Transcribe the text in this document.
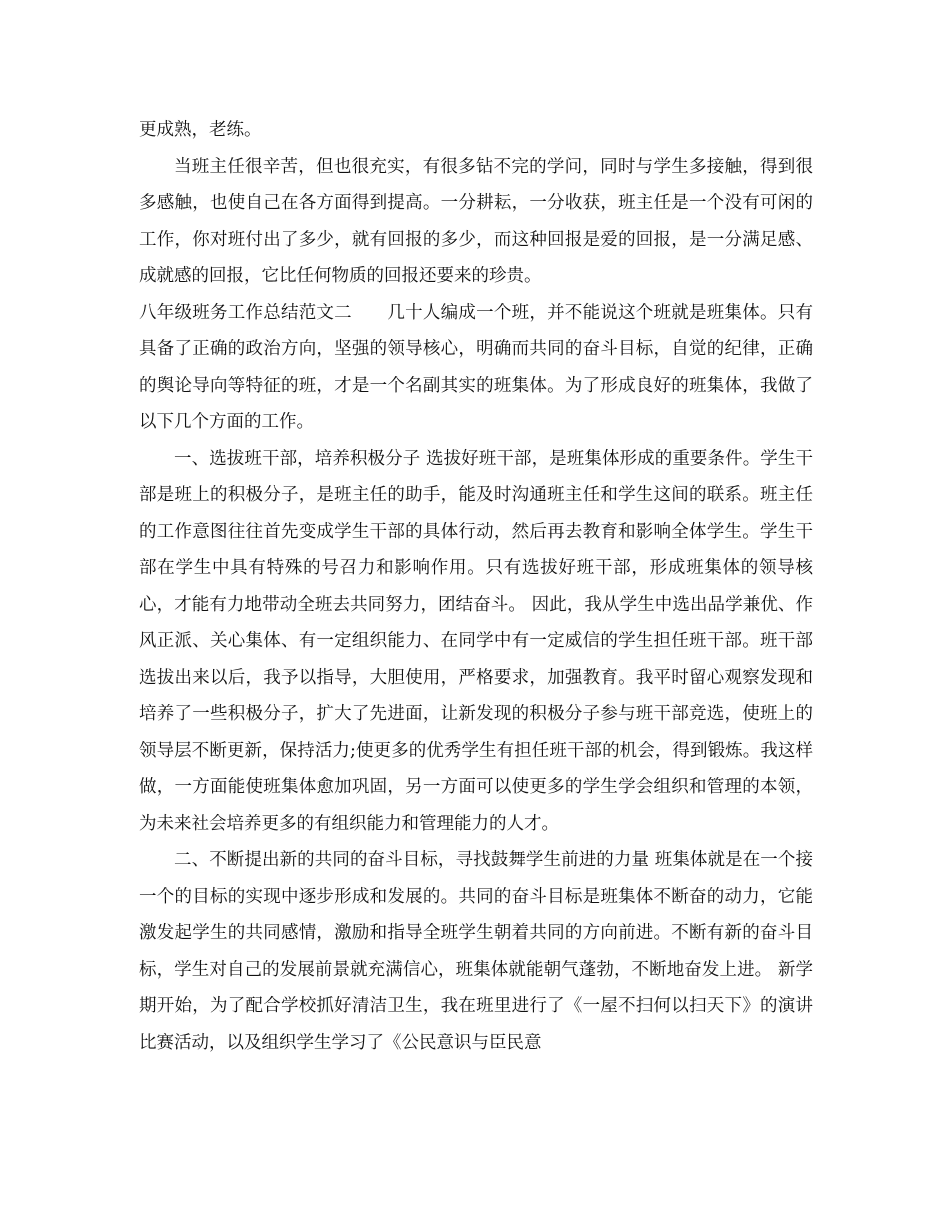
更成熟，老练。

当班主任很辛苦，但也很充实，有很多钻不完的学问，同时与学生多接触，得到很多感触，也使自己在各方面得到提高。一分耕耘，一分收获，班主任是一个没有可闲的工作，你对班付出了多少，就有回报的多少，而这种回报是爱的回报，是一分满足感、成就感的回报，它比任何物质的回报还要来的珍贵。

八年级班务工作总结范文二　　几十人编成一个班，并不能说这个班就是班集体。只有具备了正确的政治方向，坚强的领导核心，明确而共同的奋斗目标，自觉的纪律，正确的舆论导向等特征的班，才是一个名副其实的班集体。为了形成良好的班集体，我做了以下几个方面的工作。

一、选拔班干部，培养积极分子 选拔好班干部，是班集体形成的重要条件。学生干部是班上的积极分子，是班主任的助手，能及时沟通班主任和学生这间的联系。班主任的工作意图往往首先变成学生干部的具体行动，然后再去教育和影响全体学生。学生干部在学生中具有特殊的号召力和影响作用。只有选拔好班干部，形成班集体的领导核心，才能有力地带动全班去共同努力，团结奋斗。 因此，我从学生中选出品学兼优、作风正派、关心集体、有一定组织能力、在同学中有一定威信的学生担任班干部。班干部选拔出来以后，我予以指导，大胆使用，严格要求，加强教育。我平时留心观察发现和培养了一些积极分子，扩大了先进面，让新发现的积极分子参与班干部竞选，使班上的领导层不断更新，保持活力;使更多的优秀学生有担任班干部的机会，得到锻炼。我这样做，一方面能使班集体愈加巩固，另一方面可以使更多的学生学会组织和管理的本领，为未来社会培养更多的有组织能力和管理能力的人才。

二、不断提出新的共同的奋斗目标，寻找鼓舞学生前进的力量 班集体就是在一个接一个的目标的实现中逐步形成和发展的。共同的奋斗目标是班集体不断奋的动力，它能激发起学生的共同感情，激励和指导全班学生朝着共同的方向前进。不断有新的奋斗目标，学生对自己的发展前景就充满信心，班集体就能朝气蓬勃，不断地奋发上进。 新学期开始，为了配合学校抓好清洁卫生，我在班里进行了《一屋不扫何以扫天下》的演讲比赛活动，以及组织学生学习了《公民意识与臣民意
